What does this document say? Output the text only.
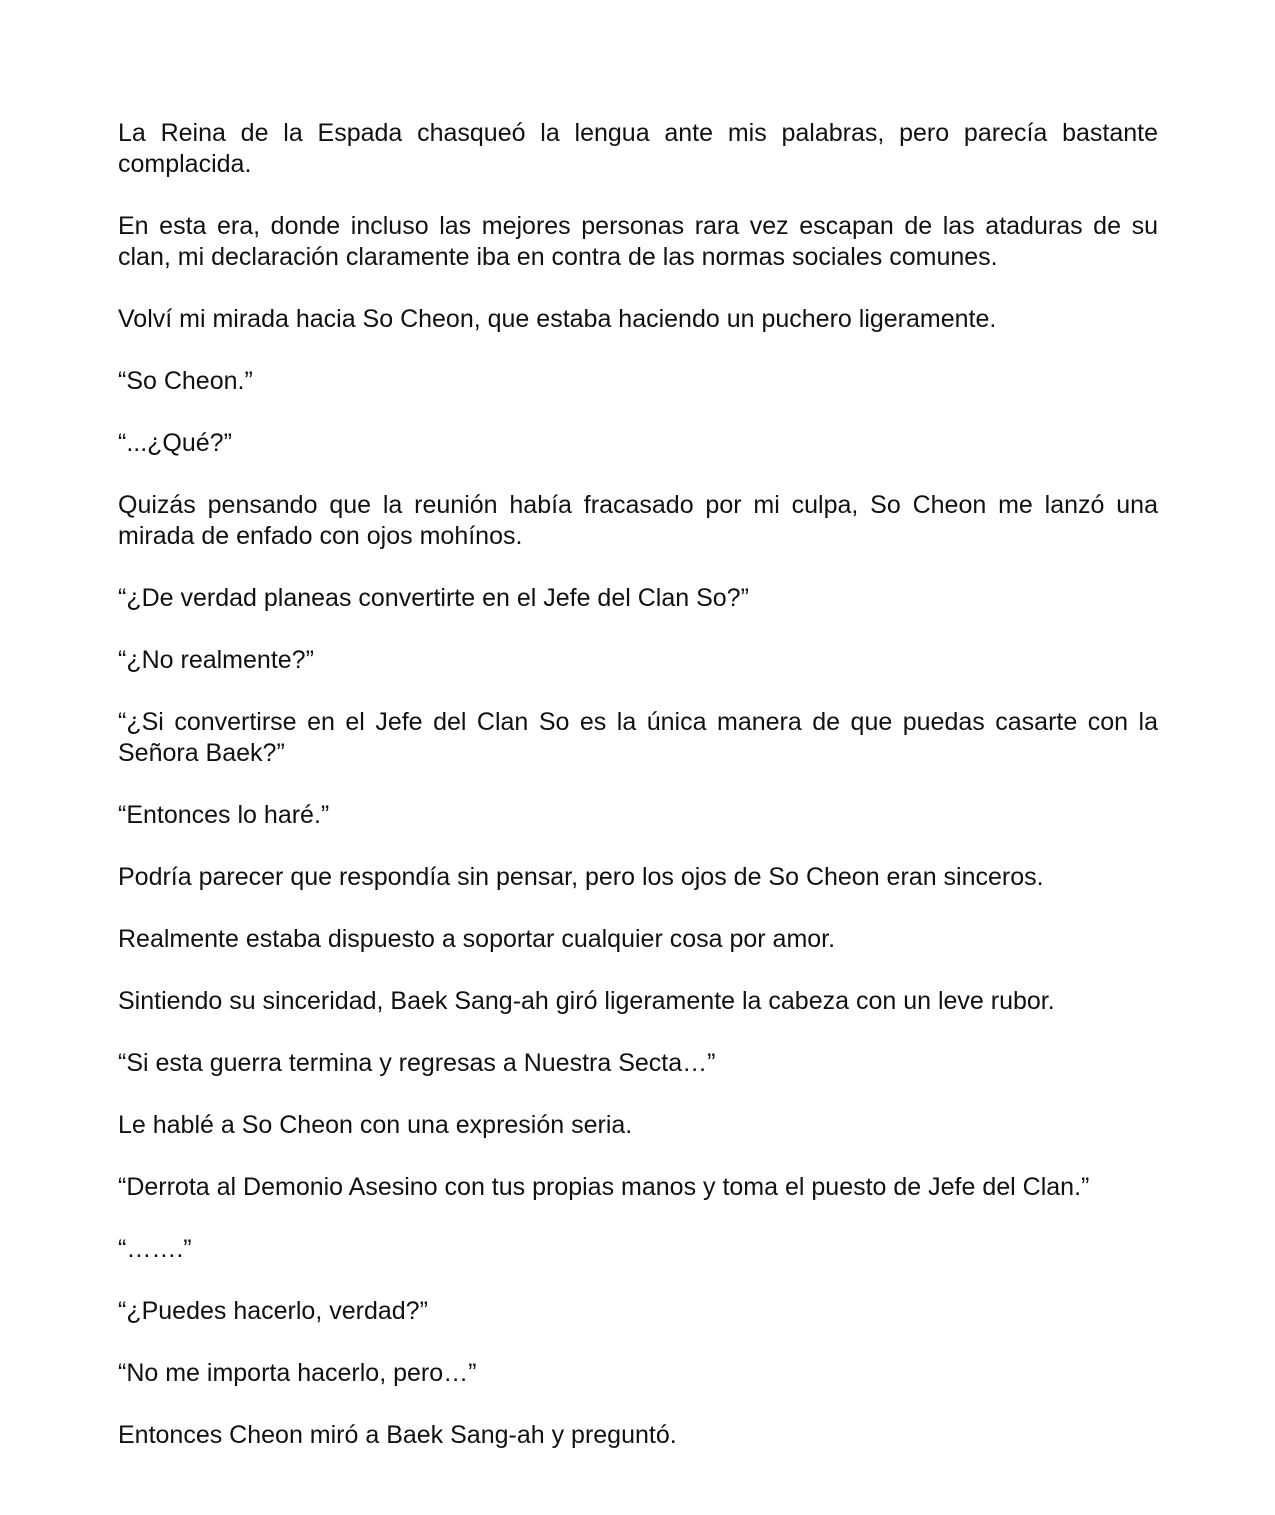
La Reina de la Espada chasqueó la lengua ante mis palabras, pero parecía bastante complacida.

En esta era, donde incluso las mejores personas rara vez escapan de las ataduras de su clan, mi declaración claramente iba en contra de las normas sociales comunes.

Volví mi mirada hacia So Cheon, que estaba haciendo un puchero ligeramente.

“So Cheon.”

“...¿Qué?”

Quizás pensando que la reunión había fracasado por mi culpa, So Cheon me lanzó una mirada de enfado con ojos mohínos.

“¿De verdad planeas convertirte en el Jefe del Clan So?”

“¿No realmente?”

“¿Si convertirse en el Jefe del Clan So es la única manera de que puedas casarte con la Señora Baek?”

“Entonces lo haré.”

Podría parecer que respondía sin pensar, pero los ojos de So Cheon eran sinceros.

Realmente estaba dispuesto a soportar cualquier cosa por amor.

Sintiendo su sinceridad, Baek Sang-ah giró ligeramente la cabeza con un leve rubor.

“Si esta guerra termina y regresas a Nuestra Secta…”

Le hablé a So Cheon con una expresión seria.

“Derrota al Demonio Asesino con tus propias manos y toma el puesto de Jefe del Clan.”

“…….”

“¿Puedes hacerlo, verdad?”

“No me importa hacerlo, pero…”

Entonces Cheon miró a Baek Sang-ah y preguntó.
